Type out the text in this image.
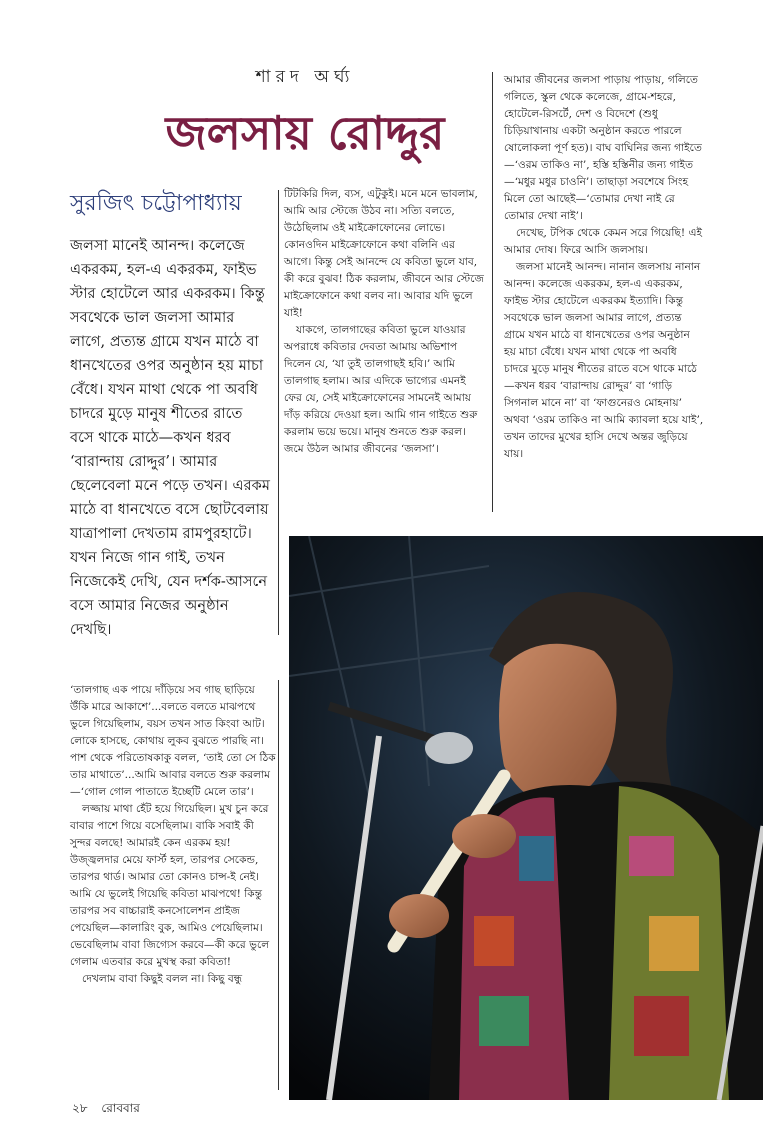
শারদ অর্ঘ্য
জলসায় রোদ্দুর
সুরজিৎ চট্টোপাধ্যায়
জলসা মানেই আনন্দ। কলেজে একরকম, হল-এ একরকম, ফাইভ স্টার হোটেলে আর একরকম। কিন্তু সবথেকে ভাল জলসা আমার লাগে, প্রত্যন্ত গ্রামে যখন মাঠে বা ধানখেতের ওপর অনুষ্ঠান হয় মাচা বেঁধে। যখন মাথা থেকে পা অবধি চাদরে মুড়ে মানুষ শীতের রাতে বসে থাকে মাঠে—কখন ধরব ‘বারান্দায় রোদ্দুর’। আমার ছেলেবেলা মনে পড়ে তখন। এরকম মাঠে বা ধানখেতে বসে ছোটবেলায় যাত্রাপালা দেখতাম রামপুরহাটে। যখন নিজে গান গাই, তখন নিজেকেই দেখি, যেন দর্শক-আসনে বসে আমার নিজের অনুষ্ঠান দেখছি।

টিটকিরি দিল, ব্যস, এটুকুই। মনে মনে ভাবলাম, আমি আর স্টেজে উঠব না। সত্যি বলতে, উঠেছিলাম ওই মাইক্রোফোনের লোভে। কোনওদিন মাইক্রোফোনে কথা বলিনি এর আগে। কিন্তু সেই আনন্দে যে কবিতা ভুলে যাব, কী করে বুঝব! ঠিক করলাম, জীবনে আর স্টেজে মাইক্রোফোনে কথা বলব না। আবার যদি ভুলে যাই!

যাকগে, তালগাছের কবিতা ভুলে যাওয়ার অপরাধে কবিতার দেবতা আমায় অভিশাপ দিলেন যে, ‘যা তুই তালগাছই হবি।’ আমি তালগাছ হলাম। আর এদিকে ভাগ্যের এমনই ফের যে, সেই মাইক্রোফোনের সামনেই আমায় দাঁড় করিয়ে দেওয়া হল। আমি গান গাইতে শুরু করলাম ভয়ে ভয়ে। মানুষ শুনতে শুরু করল। জমে উঠল আমার জীবনের ‘জলসা’।

আমার জীবনের জলসা পাড়ায় পাড়ায়, গলিতে গলিতে, স্কুল থেকে কলেজে, গ্রামে-শহরে, হোটেলে-রিসর্টে, দেশ ও বিদেশে (শুধু চিড়িয়াখানায় একটা অনুষ্ঠান করতে পারলে ষোলোকলা পূর্ণ হত)। বাঘ বাঘিনির জন্য গাইতে—‘ওরম তাকিও না’, হস্তি হস্তিনীর জন্য গাইত—‘মধুর মধুর চাওনি’। তাছাড়া সবশেষে সিংহ মিলে তো আছেই—‘তোমার দেখা নাই রে তোমার দেখা নাই’।

দেখেছ, টপিক থেকে কেমন সরে গিয়েছি! এই আমার দোষ। ফিরে আসি জলসায়।

জলসা মানেই আনন্দ। নানান জলসায় নানান আনন্দ। কলেজে একরকম, হল-এ একরকম, ফাইভ স্টার হোটেলে একরকম ইত্যাদি। কিন্তু সবথেকে ভাল জলসা আমার লাগে, প্রত্যন্ত গ্রামে যখন মাঠে বা ধানখেতের ওপর অনুষ্ঠান হয় মাচা বেঁধে। যখন মাথা থেকে পা অবধি চাদরে মুড়ে মানুষ শীতের রাতে বসে থাকে মাঠে—কখন ধরব ‘বারান্দায় রোদ্দুর’ বা ‘গাড়ি সিগনাল মানে না’ বা ‘ফাগুনেরও মোহনায়’ অথবা ‘ওরম তাকিও না আমি ক্যাবলা হয়ে যাই’, তখন তাদের মুখের হাসি দেখে অন্তর জুড়িয়ে যায়।

‘তালগাছ এক পায়ে দাঁড়িয়ে সব গাছ ছাড়িয়ে উঁকি মারে আকাশে’...বলতে বলতে মাঝপথে ভুলে গিয়েছিলাম, বয়স তখন সাত কিংবা আট। লোকে হাসছে, কোথায় লুকব বুঝতে পারছি না। পাশ থেকে পরিতোষকাকু বলল, ‘তাই তো সে ঠিক তার মাথাতে’...আমি আবার বলতে শুরু করলাম—‘গোল গোল পাতাতে ইচ্ছেটি মেলে তার’।

লজ্জায় মাথা হেঁট হয়ে গিয়েছিল। মুখ চুন করে বাবার পাশে গিয়ে বসেছিলাম। বাকি সবাই কী সুন্দর বলছে! আমারই কেন এরকম হয়! উজ্জ্বলদার মেয়ে ফার্স্ট হল, তারপর সেকেন্ড, তারপর থার্ড। আমার তো কোনও চান্স-ই নেই। আমি যে ভুলেই গিয়েছি কবিতা মাঝপথে! কিন্তু তারপর সব বাচ্চারাই কনসোলেশন প্রাইজ পেয়েছিল—কালারিং বুক, আমিও পেয়েছিলাম। ভেবেছিলাম বাবা জিগ্যেস করবে—কী করে ভুলে গেলাম এতবার করে মুখস্থ করা কবিতা!

দেখলাম বাবা কিছুই বলল না। কিছু বন্ধু

২৮ রোববার
